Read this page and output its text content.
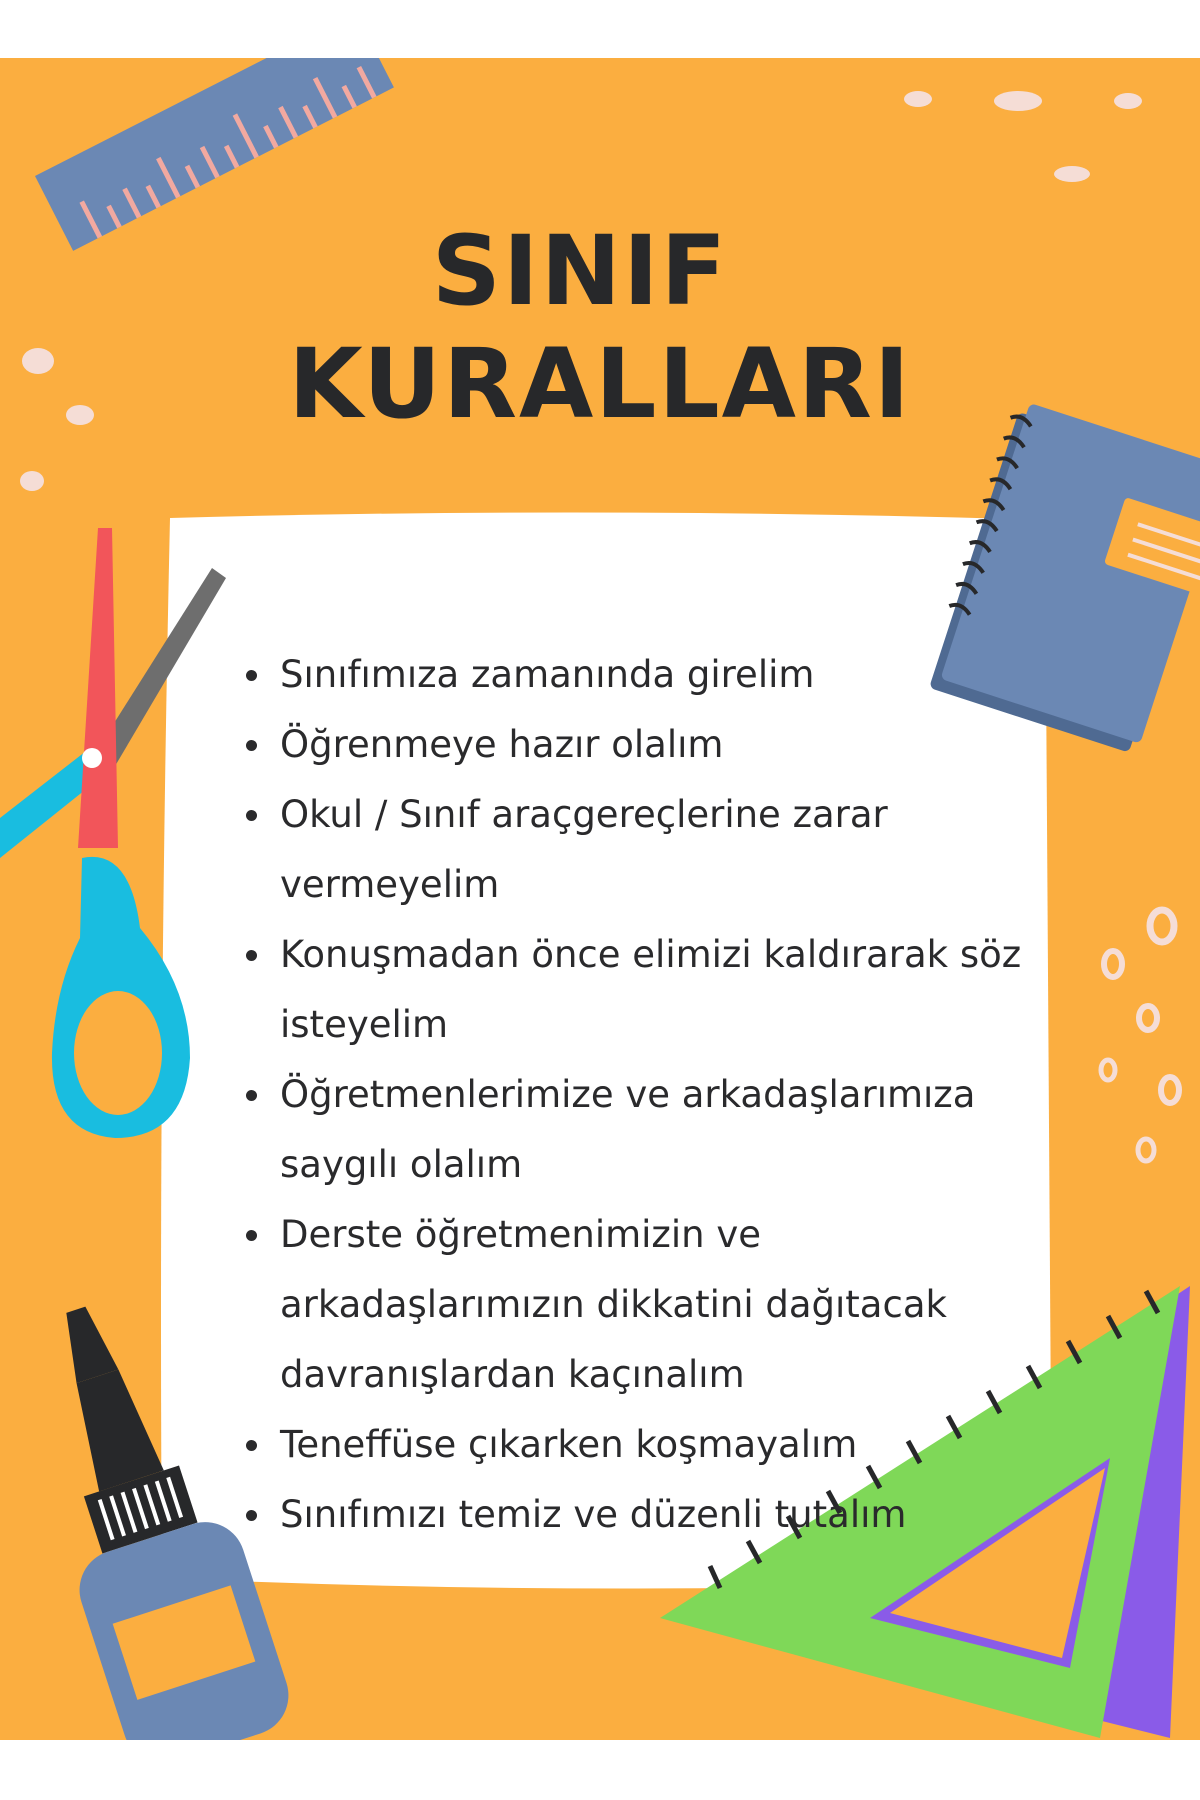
SINIF
KURALLARI
Sınıfımıza zamanında girelim
Öğrenmeye hazır olalım
Okul / Sınıf araçgereçlerine zarar vermeyelim
Konuşmadan önce elimizi kaldırarak söz isteyelim
Öğretmenlerimize ve arkadaşlarımıza saygılı olalım
Derste öğretmenimizin ve arkadaşlarımızın dikkatini dağıtacak davranışlardan kaçınalım
Teneffüse çıkarken koşmayalım
Sınıfımızı temiz ve düzenli tutalım
